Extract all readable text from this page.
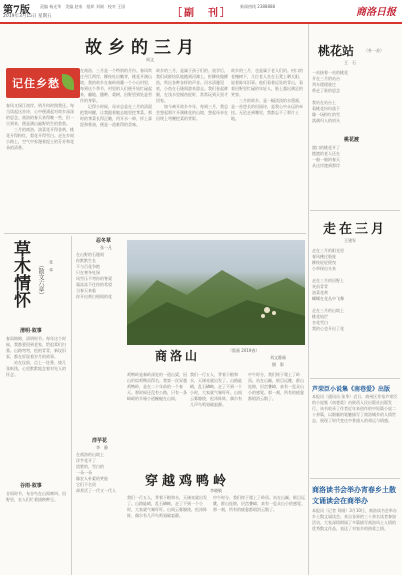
第7版
2019年3月15日 星期五
责编 杨光华　美编 赵家　组织 刘刚　校对 王国
［副　刊］
新闻热线 2388888
商洛日报
故乡的三月
周文
记住乡愁
春风又绿江南岸，明月何时照我还。每当读起这首诗，心中便涌起对故乡深深的思念。商洛的春天来得晚一些，但一旦到来，便是满山遍野的生机勃勃。
　　三月的商洛，油菜花开得金黄，桃花开得粉红，梨花开得雪白。走在乡间小路上，空气中弥漫着泥土的芬芳和花朵的清香。
在商洛，三月是一个特别的月份。春风吹过丹江两岸，柳枝吐出嫩芽，桃花开满山坡。我的故乡在秦岭南麓一个小山村里，每到这个季节，村里的人们便开始忙碌起来，翻地、播种、栽树，田野里到处是劳作的身影。
　　记得小时候，母亲总是在三月的清晨把我叫醒，让我跟着她去地里挖荠菜。那时的荠菜长得正嫩，用开水一焯，拌上蒜泥和香油，便是一道难得的美味。
故乡的三月，是属于孩子们的。放学后，我们成群结队地跑到河滩上，折柳枝做柳笛，吹出各种各样的声音。河水清澈见底，小鱼在石缝间游来游去。我们卷起裤腿，在浅水里摸鱼捉虾，常常玩到天黑才回家。
　　如今离开故乡多年，每到三月，我总会想起那片开满桃花的山坡，想起母亲在田埂上弯腰挖菜的背影。
故乡的三月，也是属于老人们的。村口的老槐树下，几位老人坐在石凳上晒太阳，说着陈年旧事。他们看着远处的青山，看着田野里忙碌的年轻人，脸上露出满足的笑容。
　　三月的故乡，是一幅淡淡的水墨画，是一首悠长的田园诗，是我心中永远的牵挂。无论走到哪里，我都忘不了那片土地。
草木情怀 （散文六章） 张　华
清明·叙事
春雨绵绵，清明时节。每年这个时候，我都要回到老家，给祖辈们扫墓。山路弯弯，松柏青青，新坟旧冢，都在诉说着岁月的故事。
　　站在坟前，点上一炷香，烧几张纸钱，心里默默地念着对先人的怀念。
谷雨·叙事
谷雨时节，布谷鸟在山间啼叫。田野里，农人们忙着插秧种豆。
忍冬草
张一凡
在山野的石缝间
你默默生长
不与百花争艳
只在寒冬吐绿
风雪压不弯你的脊梁
霜冻冻不住你的希望
当春天来临
你开出黄白相间的花
洋芋花
李　静
在商洛的山坡上
洋芋花开了
淡紫的，雪白的
一朵一朵
像农人朴素的笑脸
它们不名贵
却养活了一代又一代人
商洛山	（版画 2019春）
刘文静画
摄　影
鸡鸭岭是秦岭深处的一道山梁，因山形似鸡鸭而得名。我第一次穿越鸡鸭岭，是在二十年前的一个春天。那时候还没有公路，只有一条崎岖的羊肠小道蜿蜒在山间。
我们一行五人，背着干粮和水，天刚亮就出发了。山路陡峭，乱石嶙峋，走了不到一个小时，大家就气喘吁吁。山间云雾缭绕，松涛阵阵，偶尔有几声鸟鸣划破寂静。
中午时分，我们终于爬上了岭顶。站在山巅，极目远眺，群山连绵，层峦叠嶂，真有一览众山小的感觉。那一刻，所有的疲惫都烟消云散了。
穿越鸡鸭岭
李晓敏
我们一行五人，背着干粮和水，天刚亮就出发了。山路陡峭，乱石嶙峋，走了不到一个小时，大家就气喘吁吁。山间云雾缭绕，松涛阵阵，偶尔有几声鸟鸣划破寂静。
中午时分，我们终于爬上了岭顶。站在山巅，极目远眺，群山连绵，层峦叠嶂，真有一览众山小的感觉。那一刻，所有的疲惫都烟消云散了。
桃花站 （外一首）
王　石
一站接着一站的桃花
开在三月的站台
列车缓缓驶过
带走了谁的思念

我站在站台上
看桃花纷纷落下
像一场粉红的雪
落满归人的肩头
桃花渡
渡口的桃花开了
摆渡的老人还在
一船一船的春天
从这岸渡到那岸
走在三月
王建军
走在三月的阳光里
春风拂过脸庞
柳枝轻轻摇曳
小草探出头来

走在三月的田野上
麦苗青青
油菜花黄
蝴蝶在花丛中飞舞

走在三月的山坡上
桃花灿烂
杏花雪白
我的心也开出了花
芦荣臣小说集《南巷爱》出版
本报讯（通讯员 张华）近日，商州区作家芦荣臣的小说集《南巷爱》由陕西人民出版社出版发行。该书收录了作者近年来创作的中短篇小说二十余篇，以细腻的笔触描写了商洛城乡的人情世态，展现了时代变迁中普通人的命运与情感。
商洛读书会举办宵春乡土散文诵读会在商举办
本报讯（记者 刘刚）3月10日，商洛读书会举办乡土散文诵读会。来自各界的三十余名读者参加活动，大家深情朗诵了多篇描写商洛风土人情的优秀散文作品，表达了对家乡的热爱之情。
